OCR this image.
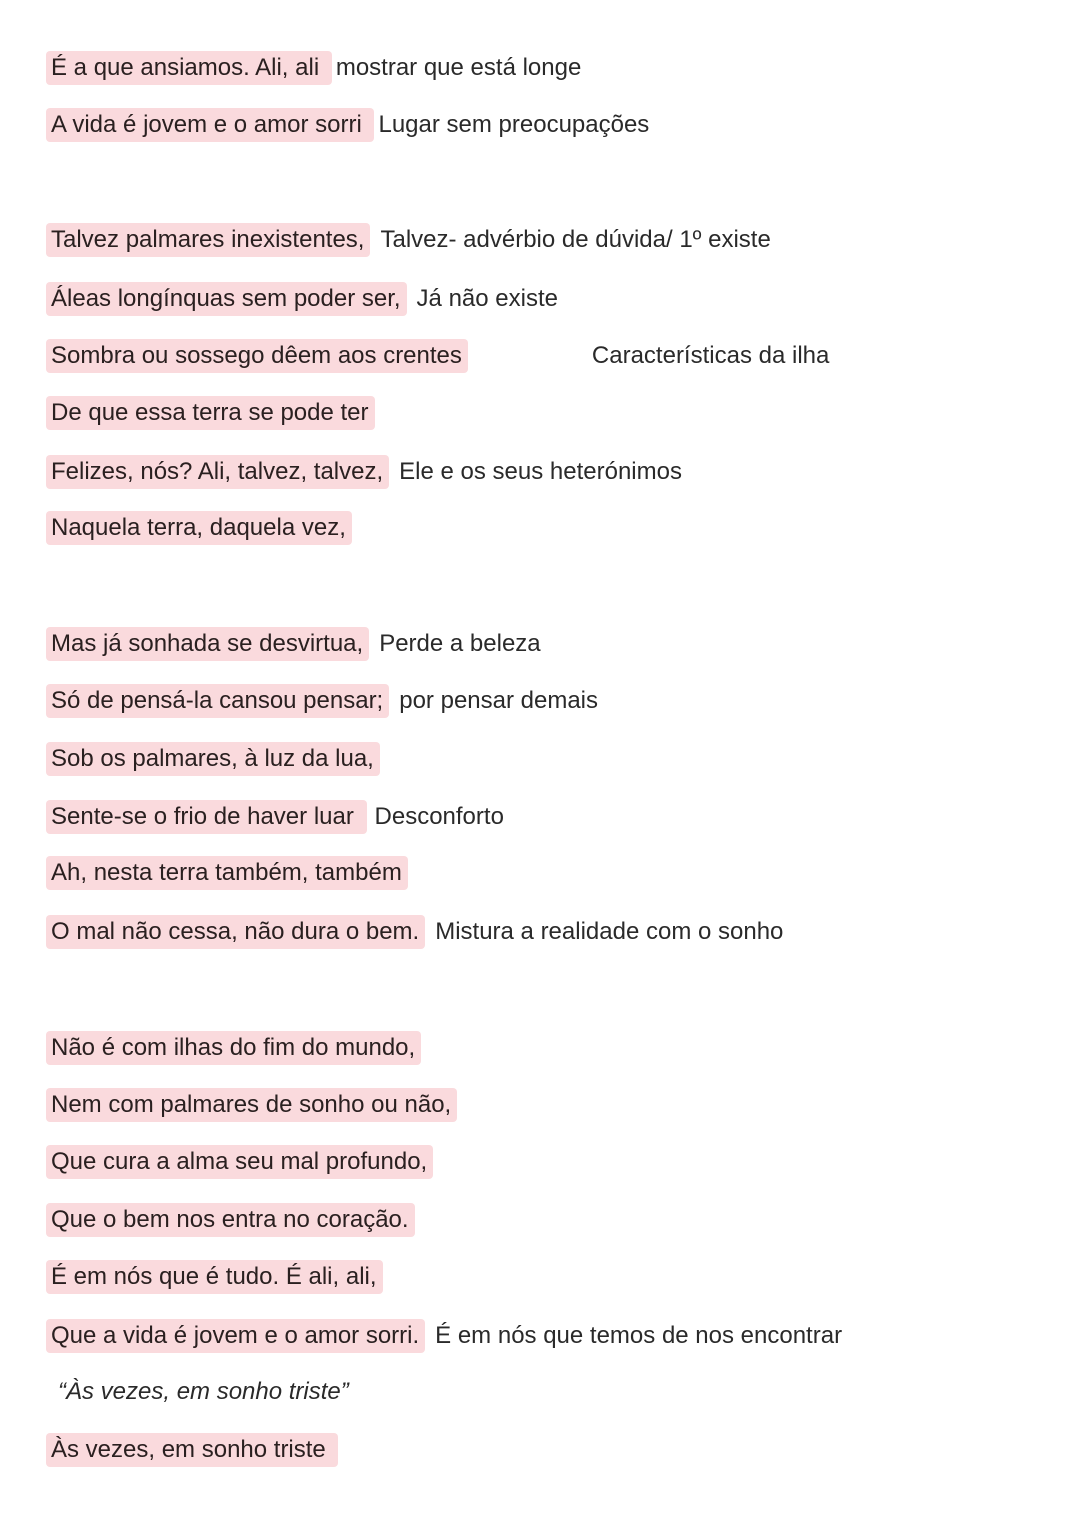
É a que ansiamos. Ali, ali mostrar que está longe
A vida é jovem e o amor sorri Lugar sem preocupações
Talvez palmares inexistentes, Talvez- advérbio de dúvida/ 1º existe
Áleas longínquas sem poder ser, Já não existe
Sombra ou sossego dêem aos crentes	Características da ilha
De que essa terra se pode ter
Felizes, nós? Ali, talvez, talvez, Ele e os seus heterónimos
Naquela terra, daquela vez,
Mas já sonhada se desvirtua, Perde a beleza
Só de pensá-la cansou pensar; por pensar demais
Sob os palmares, à luz da lua,
Sente-se o frio de haver luar Desconforto
Ah, nesta terra também, também
O mal não cessa, não dura o bem. Mistura a realidade com o sonho
Não é com ilhas do fim do mundo,
Nem com palmares de sonho ou não,
Que cura a alma seu mal profundo,
Que o bem nos entra no coração.
É em nós que é tudo. É ali, ali,
Que a vida é jovem e o amor sorri. É em nós que temos de nos encontrar
“Às vezes, em sonho triste”
Às vezes, em sonho triste
